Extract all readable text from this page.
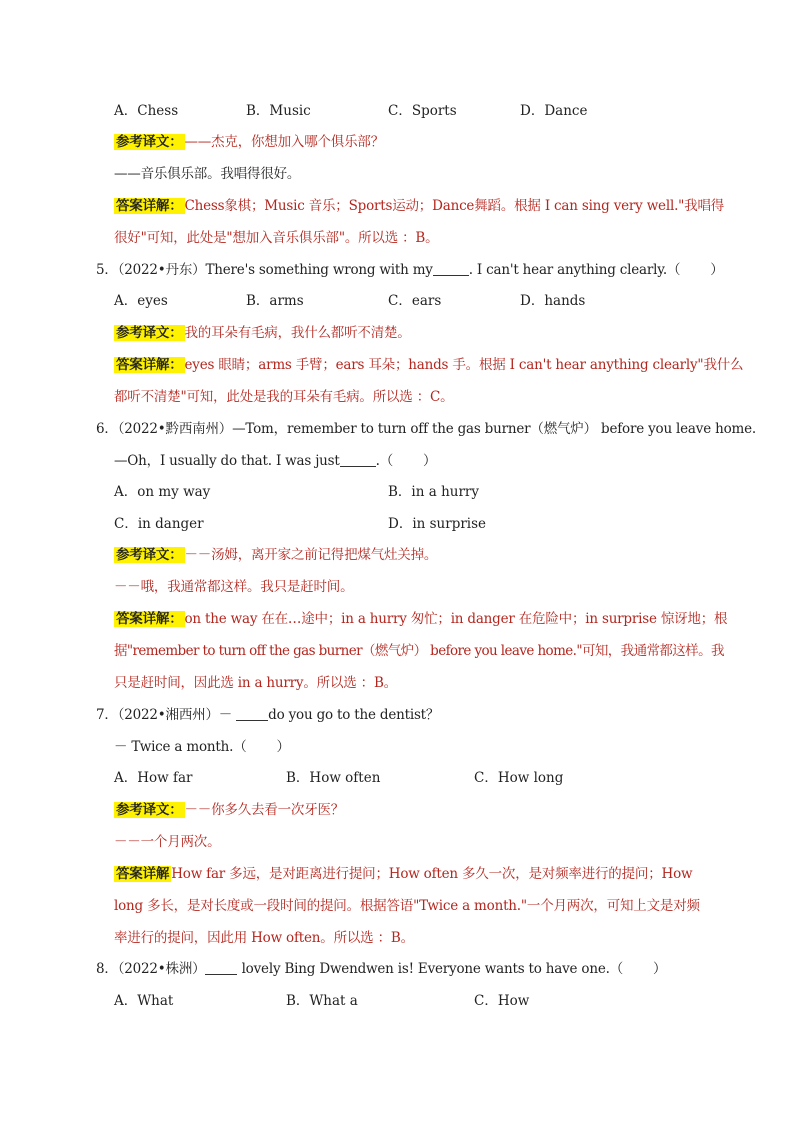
A．Chess	B．Music	C．Sports	D．Dance
参考译文： ——杰克，你想加入哪个俱乐部？
——音乐俱乐部。我唱得很好。
答案详解： Chess象棋；Music 音乐；Sports运动；Dance舞蹈。根据 I can sing very well."我唱得
很好"可知，此处是"想加入音乐俱乐部"。所以选 ：B。
5．（2022•丹东）There's something wrong with my	. I can't hear anything clearly.（ ）
A．eyes	B．arms	C．ears	D．hands
参考译文： 我的耳朵有毛病，我什么都听不清楚。
答案详解： eyes 眼睛；arms 手臂；ears 耳朵；hands 手。根据 I can't hear anything clearly"我什么
都听不清楚"可知，此处是我的耳朵有毛病。所以选 ：C。
6．（2022•黔西南州）—Tom，remember to turn off the gas burner（燃气炉） before you leave home.
—Oh，I usually do that. I was just	.（ ）
A．on my way	B．in a hurry
C．in danger	D．in surprise
参考译文： －－汤姆，离开家之前记得把煤气灶关掉。
－－哦，我通常都这样。我只是赶时间。
答案详解： on the way 在在…途中；in a hurry 匆忙；in danger 在危险中；in surprise 惊讶地；根
据"remember to turn off the gas burner（燃气炉） before you leave home."可知，我通常都这样。我
只是赶时间，因此选 in a hurry。所以选 ：B。
7．（2022•湘西州）－	do you go to the dentist？
－ Twice a month.（ ）
A．How far	B．How often	C．How long
参考译文： －－你多久去看一次牙医？
－－一个月两次。
答案详解 How far 多远，是对距离进行提问；How often 多久一次，是对频率进行的提问；How
long 多长，是对长度或一段时间的提问。根据答语"Twice a month."一个月两次，可知上文是对频
率进行的提问，因此用 How often。所以选 ：B。
8．（2022•株洲）	lovely Bing Dwendwen is! Everyone wants to have one.（ ）
A．What	B．What a	C．How
